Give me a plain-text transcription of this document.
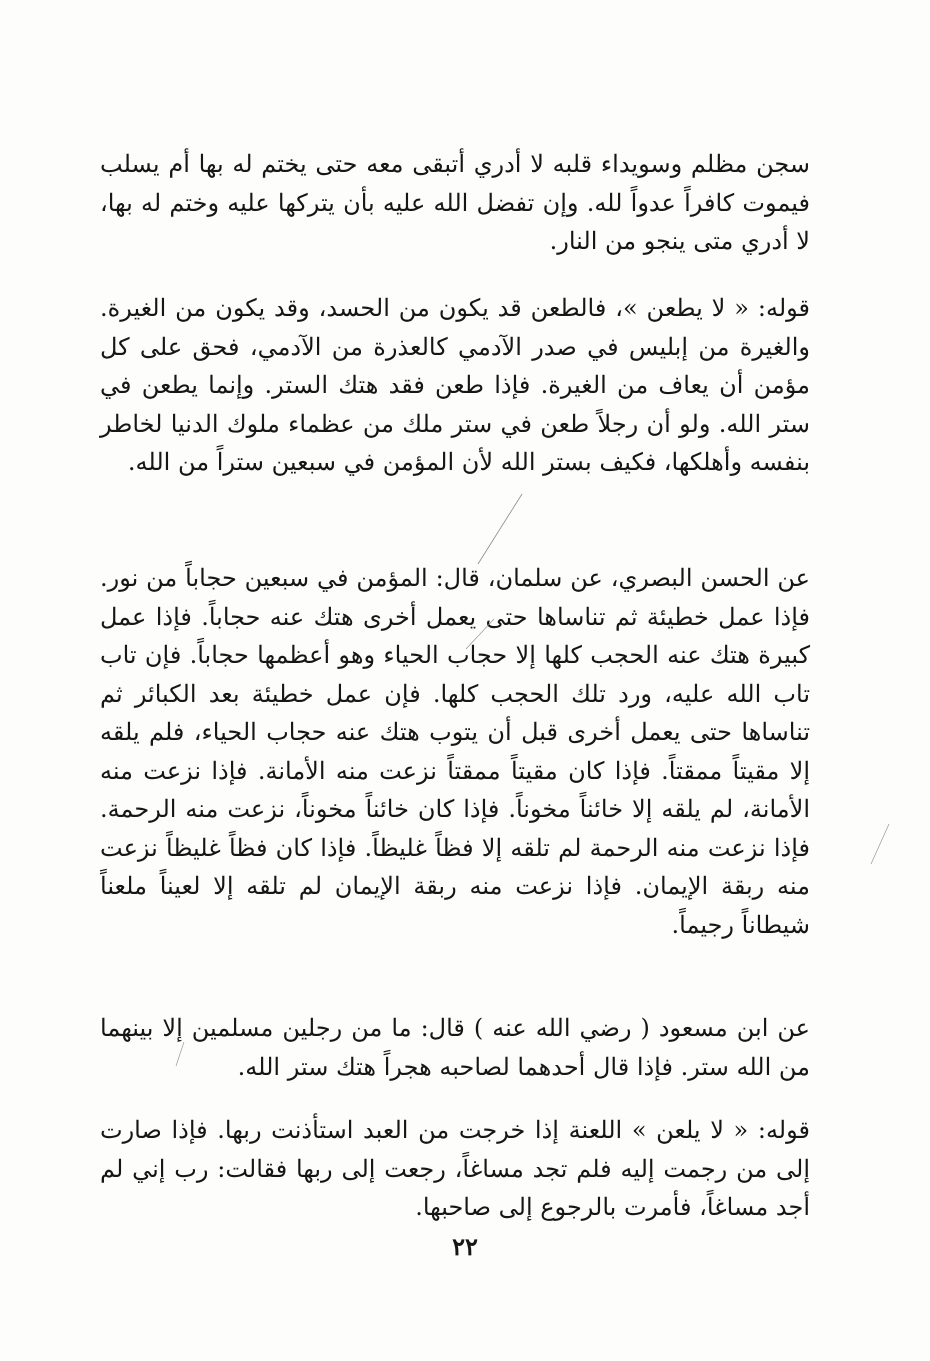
سجن مظلم وسويداء قلبه لا أدري أتبقى معه حتى يختم له بها أم يسلب فيموت كافراً عدواً لله. وإن تفضل الله عليه بأن يتركها عليه وختم له بها، لا أدري متى ينجو من النار.

قوله: « لا يطعن »، فالطعن قد يكون من الحسد، وقد يكون من الغيرة. والغيرة من إبليس في صدر الآدمي كالعذرة من الآدمي، فحق على كل مؤمن أن يعاف من الغيرة. فإذا طعن فقد هتك الستر. وإنما يطعن في ستر الله. ولو أن رجلاً طعن في ستر ملك من عظماء ملوك الدنيا لخاطر بنفسه وأهلكها، فكيف بستر الله لأن المؤمن في سبعين ستراً من الله.

عن الحسن البصري، عن سلمان، قال: المؤمن في سبعين حجاباً من نور. فإذا عمل خطيئة ثم تناساها حتى يعمل أخرى هتك عنه حجاباً. فإذا عمل كبيرة هتك عنه الحجب كلها إلا حجاب الحياء وهو أعظمها حجاباً. فإن تاب تاب الله عليه، ورد تلك الحجب كلها. فإن عمل خطيئة بعد الكبائر ثم تناساها حتى يعمل أخرى قبل أن يتوب هتك عنه حجاب الحياء، فلم يلقه إلا مقيتاً ممقتاً. فإذا كان مقيتاً ممقتاً نزعت منه الأمانة. فإذا نزعت منه الأمانة، لم يلقه إلا خائناً مخوناً. فإذا كان خائناً مخوناً، نزعت منه الرحمة. فإذا نزعت منه الرحمة لم تلقه إلا فظاً غليظاً. فإذا كان فظاً غليظاً نزعت منه ربقة الإيمان. فإذا نزعت منه ربقة الإيمان لم تلقه إلا لعيناً ملعناً شيطاناً رجيماً.

عن ابن مسعود ( رضي الله عنه ) قال: ما من رجلين مسلمين إلا بينهما من الله ستر. فإذا قال أحدهما لصاحبه هجراً هتك ستر الله.

قوله: « لا يلعن » اللعنة إذا خرجت من العبد استأذنت ربها. فإذا صارت إلى من رجمت إليه فلم تجد مساغاً، رجعت إلى ربها فقالت: رب إني لم أجد مساغاً، فأمرت بالرجوع إلى صاحبها.

٢٢
